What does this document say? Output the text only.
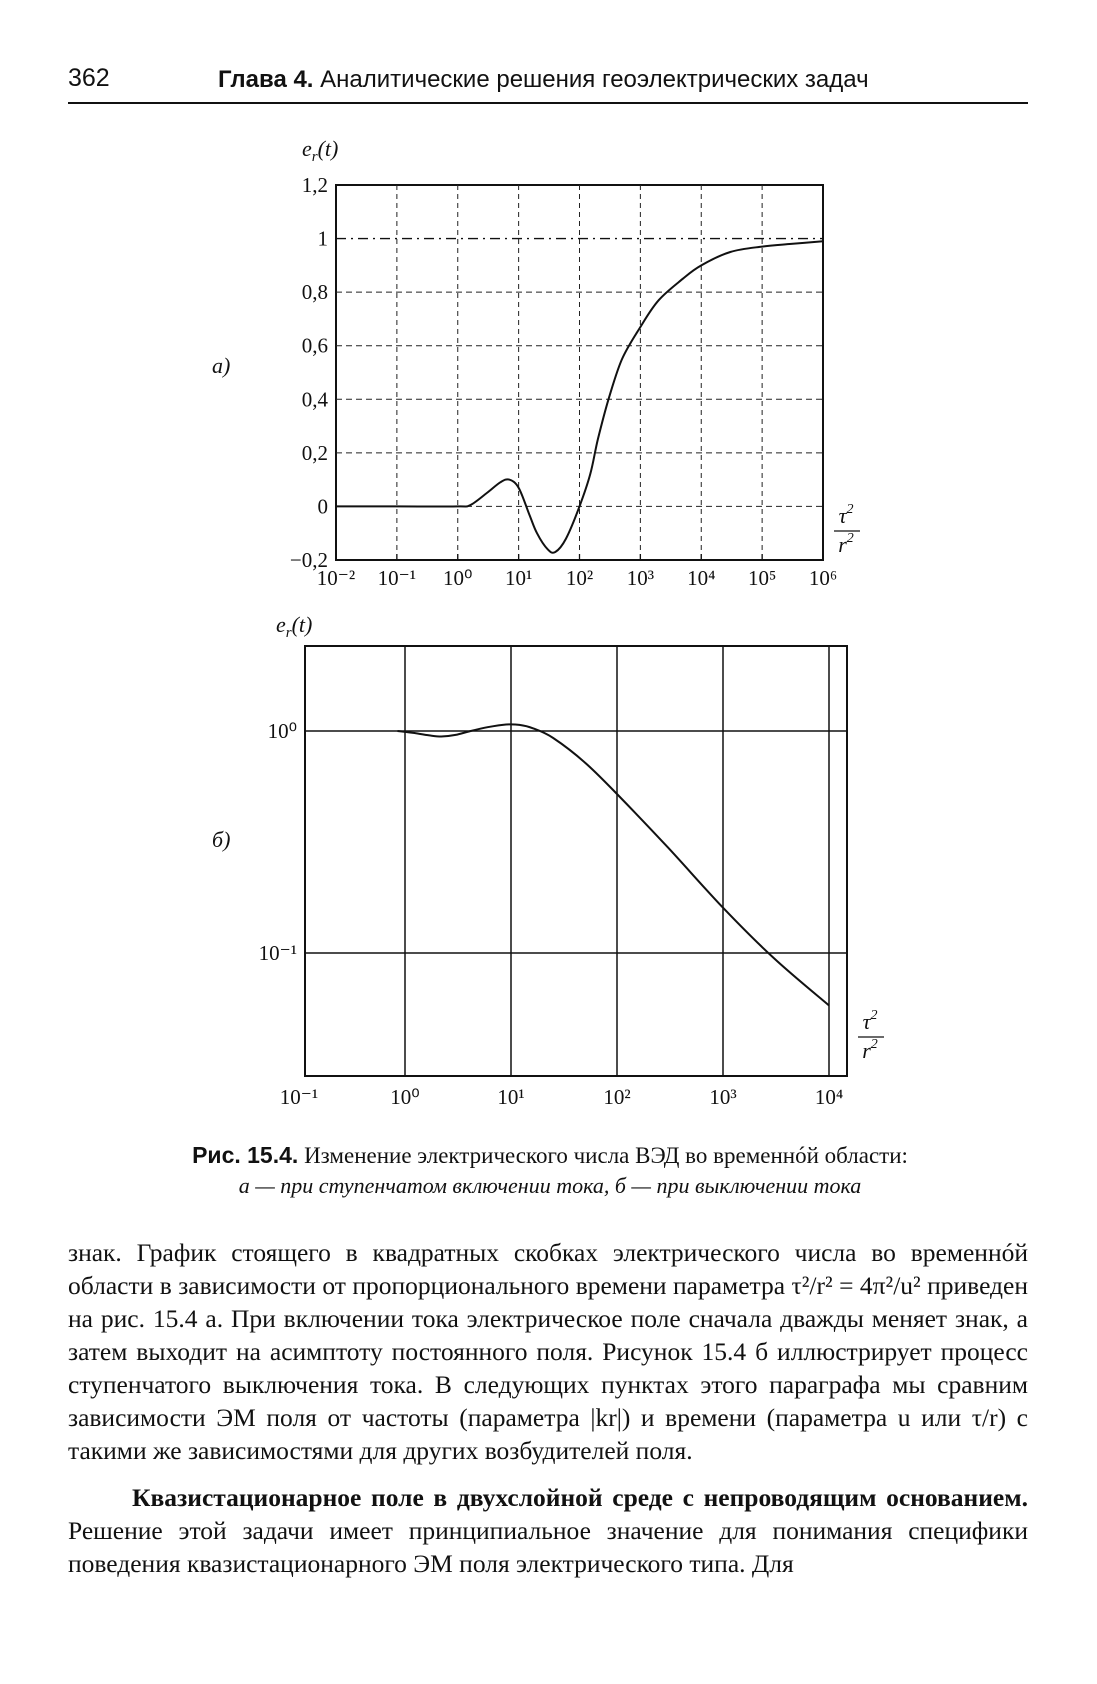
362	Глава 4. Аналитические решения геоэлектрических задач
1,2
1
0,8
0,6
0,4
0,2
0
−0,2
10⁻² 10⁻¹ 10⁰ 10¹ 10² 10³ 10⁴ 10⁵ 10⁶
$e_r(t)$
а)
$\tau^2$
$r^2$
10⁰
10⁻¹
10⁻¹	10⁰	10¹	10²	10³	10⁴
$e_r(t)$
б)
$\tau^2$
$r^2$
Рис. 15.4. Изменение электрического числа ВЭД во временнóй области:
а — при ступенчатом включении тока, б — при выключении тока

знак. График стоящего в квадратных скобках электрического числа во временнóй области в зависимости от пропорционального времени параметра τ²/r² = 4π²/u² приведен на рис. 15.4 а. При включении тока электрическое поле сначала дважды меняет знак, а затем выходит на асимптоту постоянного поля. Рисунок 15.4 б иллюстрирует процесс ступенчатого выключения тока. В следующих пунктах этого параграфа мы сравним зависимости ЭМ поля от частоты (параметра |kr|) и времени (параметра u или τ/r) с такими же зависимостями для других возбудителей поля.

Квазистационарное поле в двухслойной среде с непроводящим основанием. Решение этой задачи имеет принципиальное значение для понимания специфики поведения квазистационарного ЭМ поля электрического типа. Для
